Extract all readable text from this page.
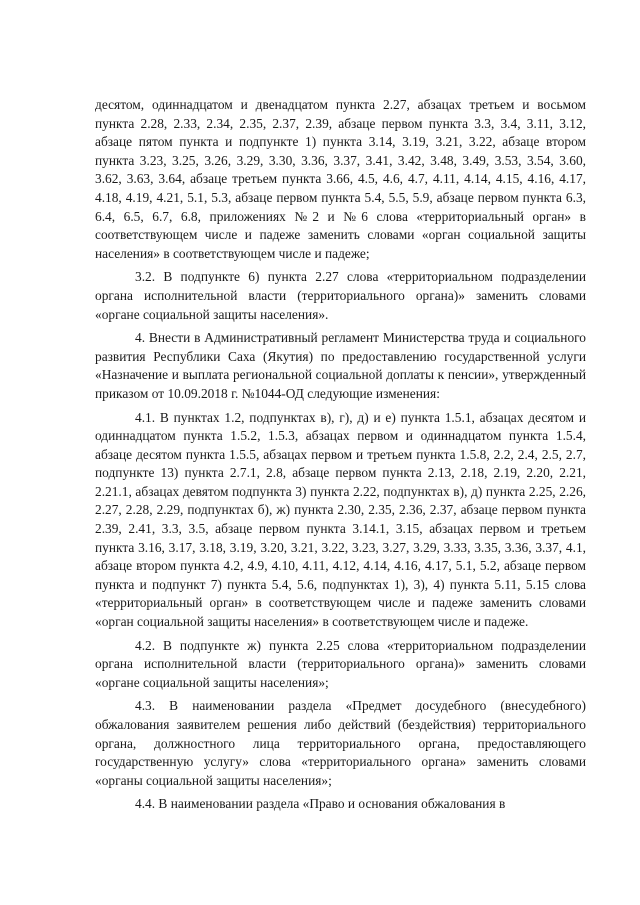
десятом, одиннадцатом и двенадцатом пункта 2.27, абзацах третьем и восьмом пункта 2.28, 2.33, 2.34, 2.35, 2.37, 2.39, абзаце первом пункта 3.3, 3.4, 3.11, 3.12, абзаце пятом пункта и подпункте 1) пункта 3.14, 3.19, 3.21, 3.22, абзаце втором пункта 3.23, 3.25, 3.26, 3.29, 3.30, 3.36, 3.37, 3.41, 3.42, 3.48, 3.49, 3.53, 3.54, 3.60, 3.62, 3.63, 3.64, абзаце третьем пункта 3.66, 4.5, 4.6, 4.7, 4.11, 4.14, 4.15, 4.16, 4.17, 4.18, 4.19, 4.21, 5.1, 5.3, абзаце первом пункта 5.4, 5.5, 5.9, абзаце первом пункта 6.3, 6.4, 6.5, 6.7, 6.8, приложениях №2 и №6 слова «территориальный орган» в соответствующем числе и падеже заменить словами «орган социальной защиты населения» в соответствующем числе и падеже;

3.2. В подпункте 6) пункта 2.27 слова «территориальном подразделении органа исполнительной власти (территориального органа)» заменить словами «органе социальной защиты населения».

4. Внести в Административный регламент Министерства труда и социального развития Республики Саха (Якутия) по предоставлению государственной услуги «Назначение и выплата региональной социальной доплаты к пенсии», утвержденный приказом от 10.09.2018 г. №1044-ОД следующие изменения:

4.1. В пунктах 1.2, подпунктах в), г), д) и е) пункта 1.5.1, абзацах десятом и одиннадцатом пункта 1.5.2, 1.5.3, абзацах первом и одиннадцатом пункта 1.5.4, абзаце десятом пункта 1.5.5, абзацах первом и третьем пункта 1.5.8, 2.2, 2.4, 2.5, 2.7, подпункте 13) пункта 2.7.1, 2.8, абзаце первом пункта 2.13, 2.18, 2.19, 2.20, 2.21, 2.21.1, абзацах девятом подпункта 3) пункта 2.22, подпунктах в), д) пункта 2.25, 2.26, 2.27, 2.28, 2.29, подпунктах б), ж) пункта 2.30, 2.35, 2.36, 2.37, абзаце первом пункта 2.39, 2.41, 3.3, 3.5, абзаце первом пункта 3.14.1, 3.15, абзацах первом и третьем пункта 3.16, 3.17, 3.18, 3.19, 3.20, 3.21, 3.22, 3.23, 3.27, 3.29, 3.33, 3.35, 3.36, 3.37, 4.1, абзаце втором пункта 4.2, 4.9, 4.10, 4.11, 4.12, 4.14, 4.16, 4.17, 5.1, 5.2, абзаце первом пункта и подпункт 7) пункта 5.4, 5.6, подпунктах 1), 3), 4) пункта 5.11, 5.15 слова «территориальный орган» в соответствующем числе и падеже заменить словами «орган социальной защиты населения» в соответствующем числе и падеже.

4.2. В подпункте ж) пункта 2.25 слова «территориальном подразделении органа исполнительной власти (территориального органа)» заменить словами «органе социальной защиты населения»;

4.3. В наименовании раздела «Предмет досудебного (внесудебного) обжалования заявителем решения либо действий (бездействия) территориального органа, должностного лица территориального органа, предоставляющего государственную услугу» слова «территориального органа» заменить словами «органы социальной защиты населения»;

4.4. В наименовании раздела «Право и основания обжалования в
